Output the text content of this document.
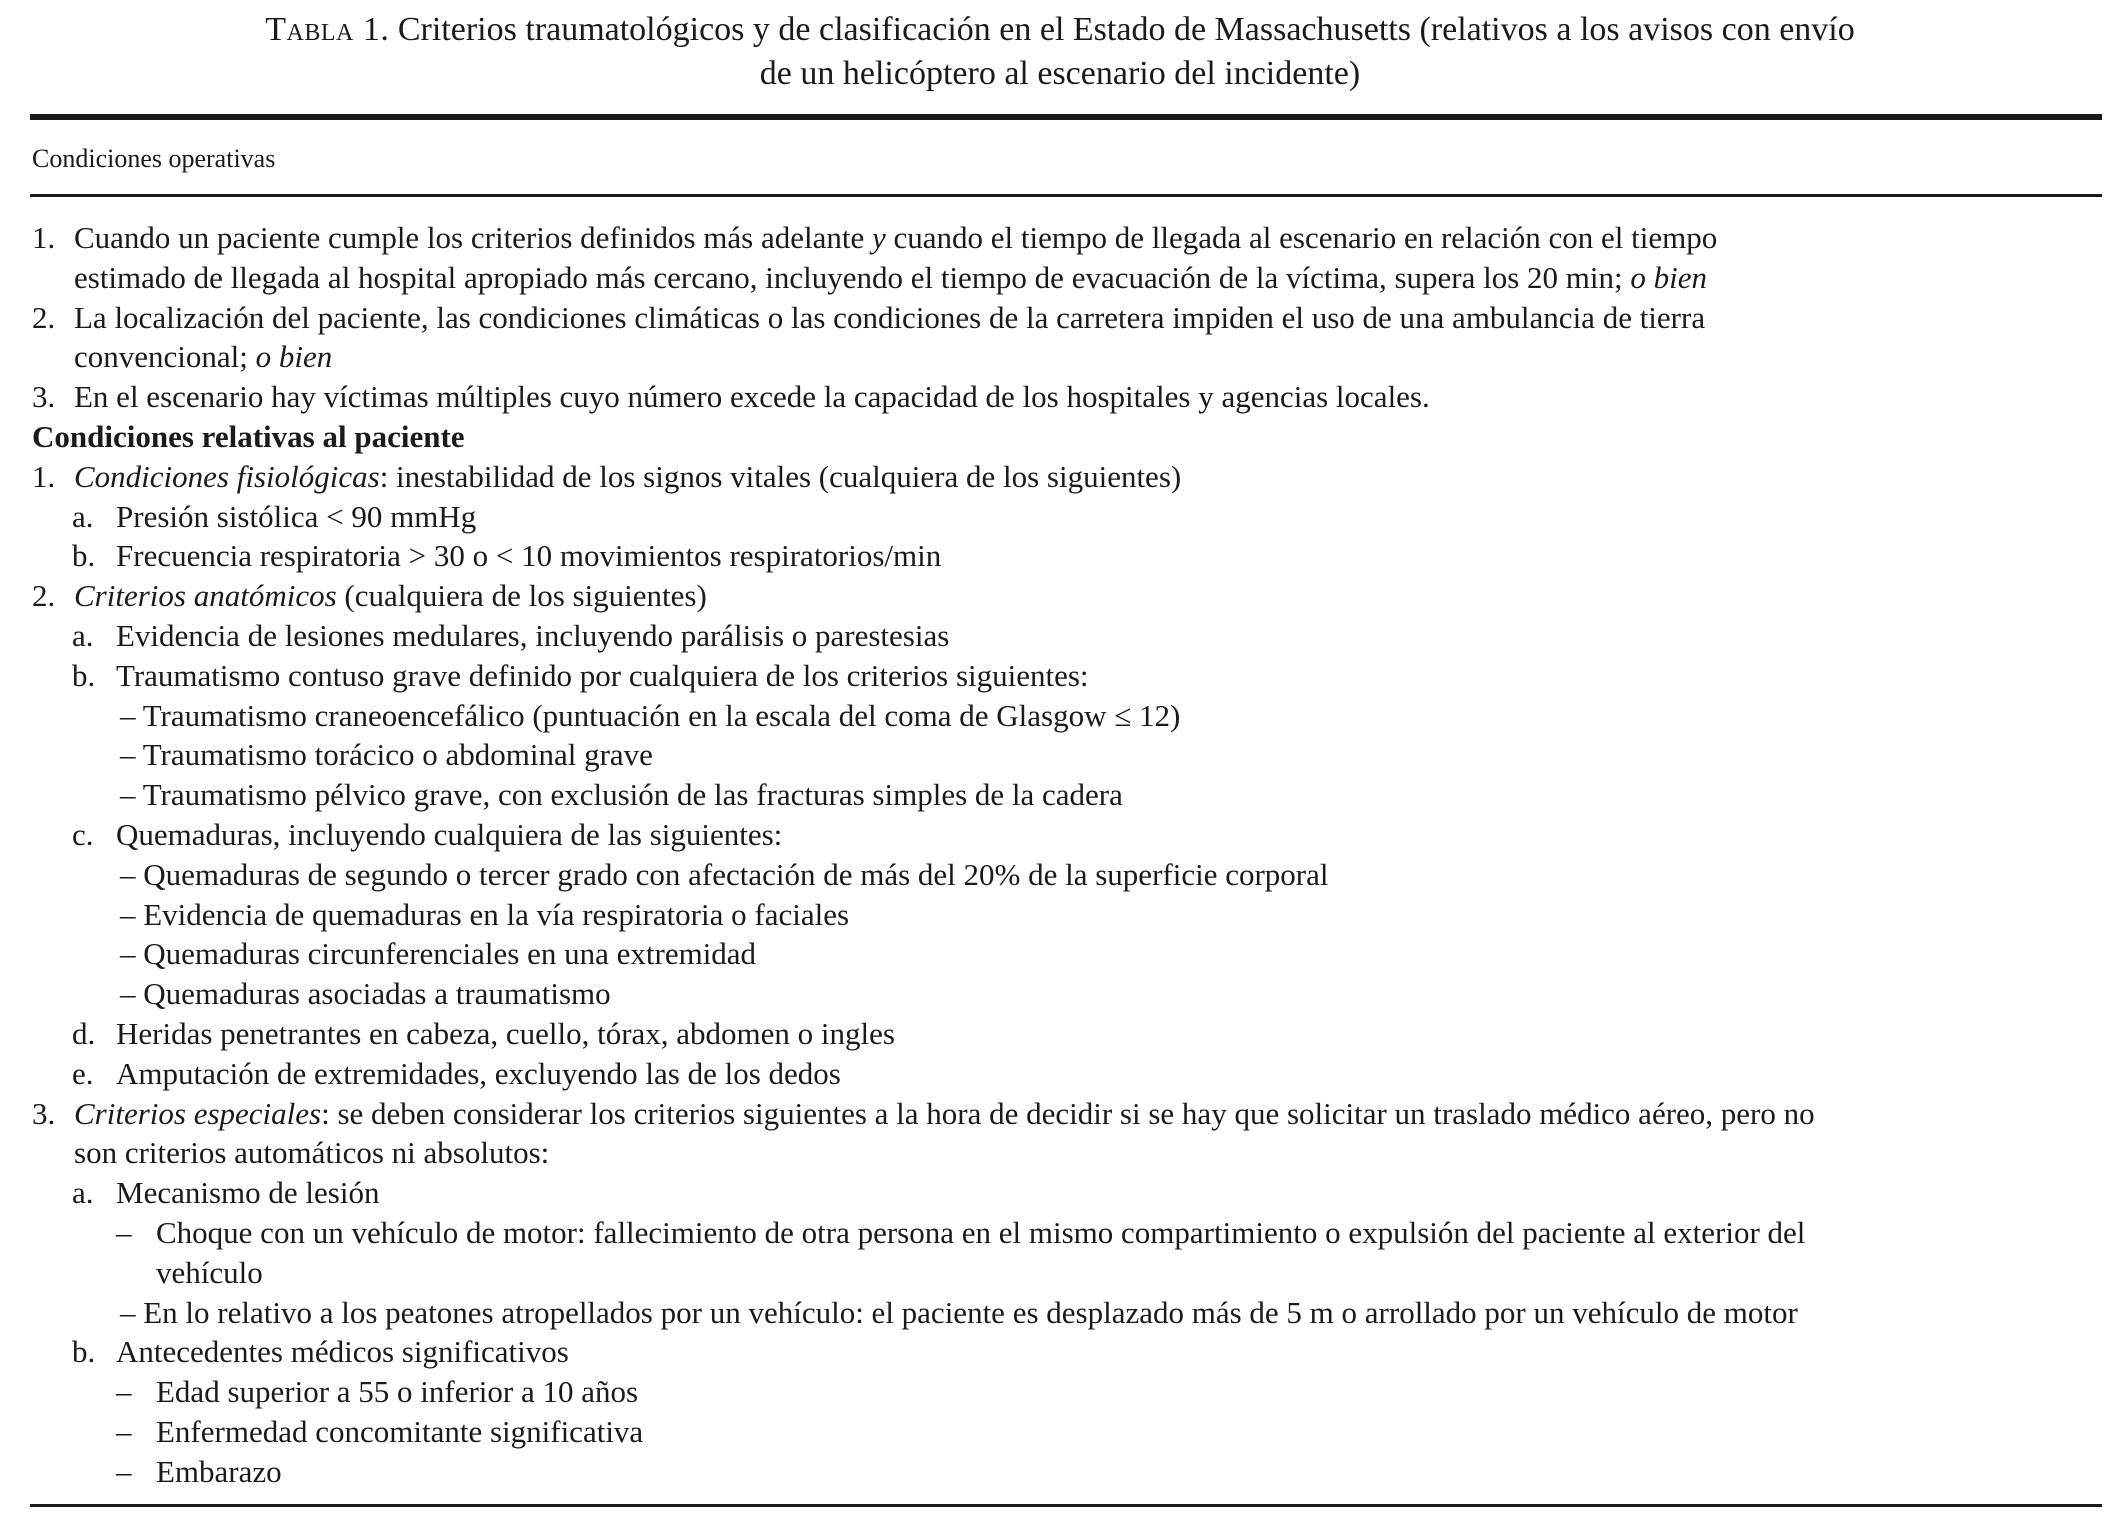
Tabla 1. Criterios traumatológicos y de clasificación en el Estado de Massachusetts (relativos a los avisos con envío
de un helicóptero al escenario del incidente)
Condiciones operativas
1. Cuando un paciente cumple los criterios definidos más adelante y cuando el tiempo de llegada al escenario en relación con el tiempo
estimado de llegada al hospital apropiado más cercano, incluyendo el tiempo de evacuación de la víctima, supera los 20 min; o bien
2. La localización del paciente, las condiciones climáticas o las condiciones de la carretera impiden el uso de una ambulancia de tierra
convencional; o bien
3. En el escenario hay víctimas múltiples cuyo número excede la capacidad de los hospitales y agencias locales.
Condiciones relativas al paciente
1. Condiciones fisiológicas: inestabilidad de los signos vitales (cualquiera de los siguientes)
a. Presión sistólica < 90 mmHg
b. Frecuencia respiratoria > 30 o < 10 movimientos respiratorios/min
2. Criterios anatómicos (cualquiera de los siguientes)
a. Evidencia de lesiones medulares, incluyendo parálisis o parestesias
b. Traumatismo contuso grave definido por cualquiera de los criterios siguientes:
– Traumatismo craneoencefálico (puntuación en la escala del coma de Glasgow ≤ 12)
– Traumatismo torácico o abdominal grave
– Traumatismo pélvico grave, con exclusión de las fracturas simples de la cadera
c. Quemaduras, incluyendo cualquiera de las siguientes:
– Quemaduras de segundo o tercer grado con afectación de más del 20% de la superficie corporal
– Evidencia de quemaduras en la vía respiratoria o faciales
– Quemaduras circunferenciales en una extremidad
– Quemaduras asociadas a traumatismo
d. Heridas penetrantes en cabeza, cuello, tórax, abdomen o ingles
e. Amputación de extremidades, excluyendo las de los dedos
3. Criterios especiales: se deben considerar los criterios siguientes a la hora de decidir si se hay que solicitar un traslado médico aéreo, pero no
son criterios automáticos ni absolutos:
a. Mecanismo de lesión
– Choque con un vehículo de motor: fallecimiento de otra persona en el mismo compartimiento o expulsión del paciente al exterior del
vehículo
– En lo relativo a los peatones atropellados por un vehículo: el paciente es desplazado más de 5 m o arrollado por un vehículo de motor
b. Antecedentes médicos significativos
– Edad superior a 55 o inferior a 10 años
– Enfermedad concomitante significativa
– Embarazo
